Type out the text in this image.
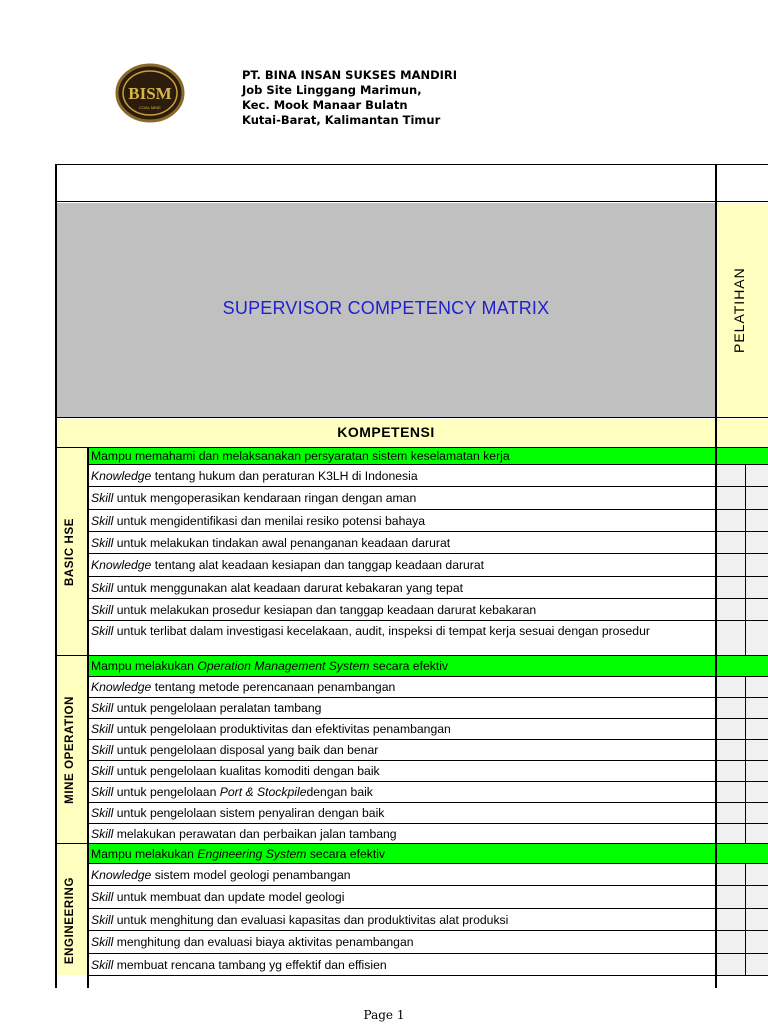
BISM
COAL MINE
PT. BINA INSAN SUKSES MANDIRI
Job Site Linggang Marimun,
Kec. Mook Manaar Bulatn
Kutai-Barat, Kalimantan Timur
SUPERVISOR COMPETENCY MATRIX	PELATIHAN
KOMPETENSI
Mampu memahami dan melaksanakan persyaratan sistem keselamatan kerja
Knowledge tentang hukum dan peraturan K3LH di Indonesia
Skill untuk mengoperasikan kendaraan ringan dengan aman
Skill untuk mengidentifikasi dan menilai resiko potensi bahaya
Skill untuk melakukan tindakan awal penanganan keadaan darurat
Knowledge tentang alat keadaan kesiapan dan tanggap keadaan darurat
Skill untuk menggunakan alat keadaan darurat kebakaran yang tepat
Skill untuk melakukan prosedur kesiapan dan tanggap keadaan darurat kebakaran
Skill untuk terlibat dalam investigasi kecelakaan, audit, inspeksi di tempat kerja sesuai dengan prosedur
BASIC HSE
Mampu melakukan Operation Management System secara efektiv
Knowledge tentang metode perencanaan penambangan
Skill untuk pengelolaan peralatan tambang
Skill untuk pengelolaan produktivitas dan efektivitas penambangan
Skill untuk pengelolaan disposal yang baik dan benar
Skill untuk pengelolaan kualitas komoditi dengan baik
Skill untuk pengelolaan Port & Stockpiledengan baik
Skill untuk pengelolaan sistem penyaliran dengan baik
Skill melakukan perawatan dan perbaikan jalan tambang
MINE OPERATION
Mampu melakukan Engineering System secara efektiv
Knowledge sistem model geologi penambangan
Skill untuk membuat dan update model geologi
Skill untuk menghitung dan evaluasi kapasitas dan produktivitas alat produksi
Skill menghitung dan evaluasi biaya aktivitas penambangan
Skill membuat rencana tambang yg effektif dan effisien
ENGINEERING
Page 1
